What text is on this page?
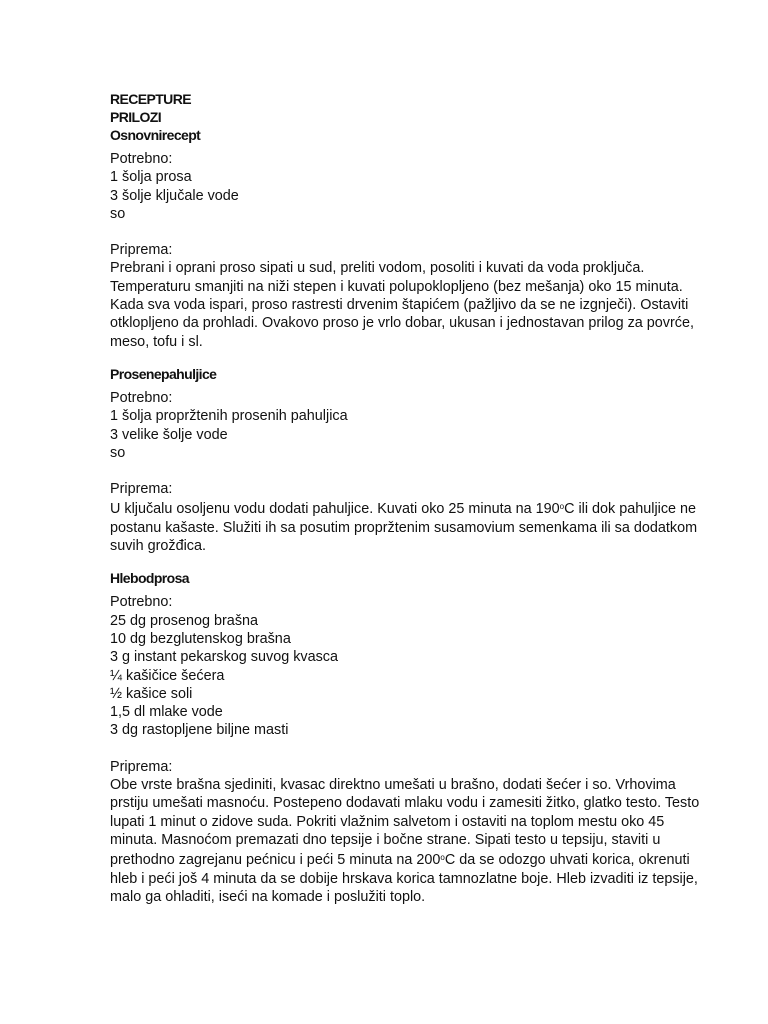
RECEPTURE

PRILOZI

Osnovnirecept

Potrebno:
1 šolja prosa
3 šolje ključale vode
so
Priprema:
Prebrani i oprani proso sipati u sud, preliti vodom, posoliti i kuvati da voda proključa.
Temperaturu smanjiti na niži stepen i kuvati polupoklopljeno (bez mešanja) oko 15 minuta.
Kada sva voda ispari, proso rastresti drvenim štapićem (pažljivo da se ne izgnječi). Ostaviti
otklopljeno da prohladi. Ovakovo proso je vrlo dobar, ukusan i jednostavan prilog za povrće,
meso, tofu i sl.

Prosenepahuljice

Potrebno:
1 šolja propržtenih prosenih pahuljica
3 velike šolje vode
so
Priprema:
U ključalu osoljenu vodu dodati pahuljice. Kuvati oko 25 minuta na 190$^o$C ili dok pahuljice ne
postanu kašaste. Služiti ih sa posutim propržtenim susamovium semenkama ili sa dodatkom
suvih grožđica.

Hlebodprosa

Potrebno:
25 dg prosenog brašna
10 dg bezglutenskog brašna
3 g instant pekarskog suvog kvasca
¼ kašičice šećera
½ kašice soli
1,5 dl mlake vode
3 dg rastopljene biljne masti
Priprema:
Obe vrste brašna sjediniti, kvasac direktno umešati u brašno, dodati šećer i so. Vrhovima
prstiju umešati masnoću. Postepeno dodavati mlaku vodu i zamesiti žitko, glatko testo. Testo
lupati 1 minut o zidove suda. Pokriti vlažnim salvetom i ostaviti na toplom mestu oko 45
minuta. Masnoćom premazati dno tepsije i bočne strane. Sipati testo u tepsiju, staviti u
prethodno zagrejanu pećnicu i peći 5 minuta na 200$^o$C da se odozgo uhvati korica, okrenuti
hleb i peći još 4 minuta da se dobije hrskava korica tamnozlatne boje. Hleb izvaditi iz tepsije,
malo ga ohladiti, iseći na komade i poslužiti toplo.
